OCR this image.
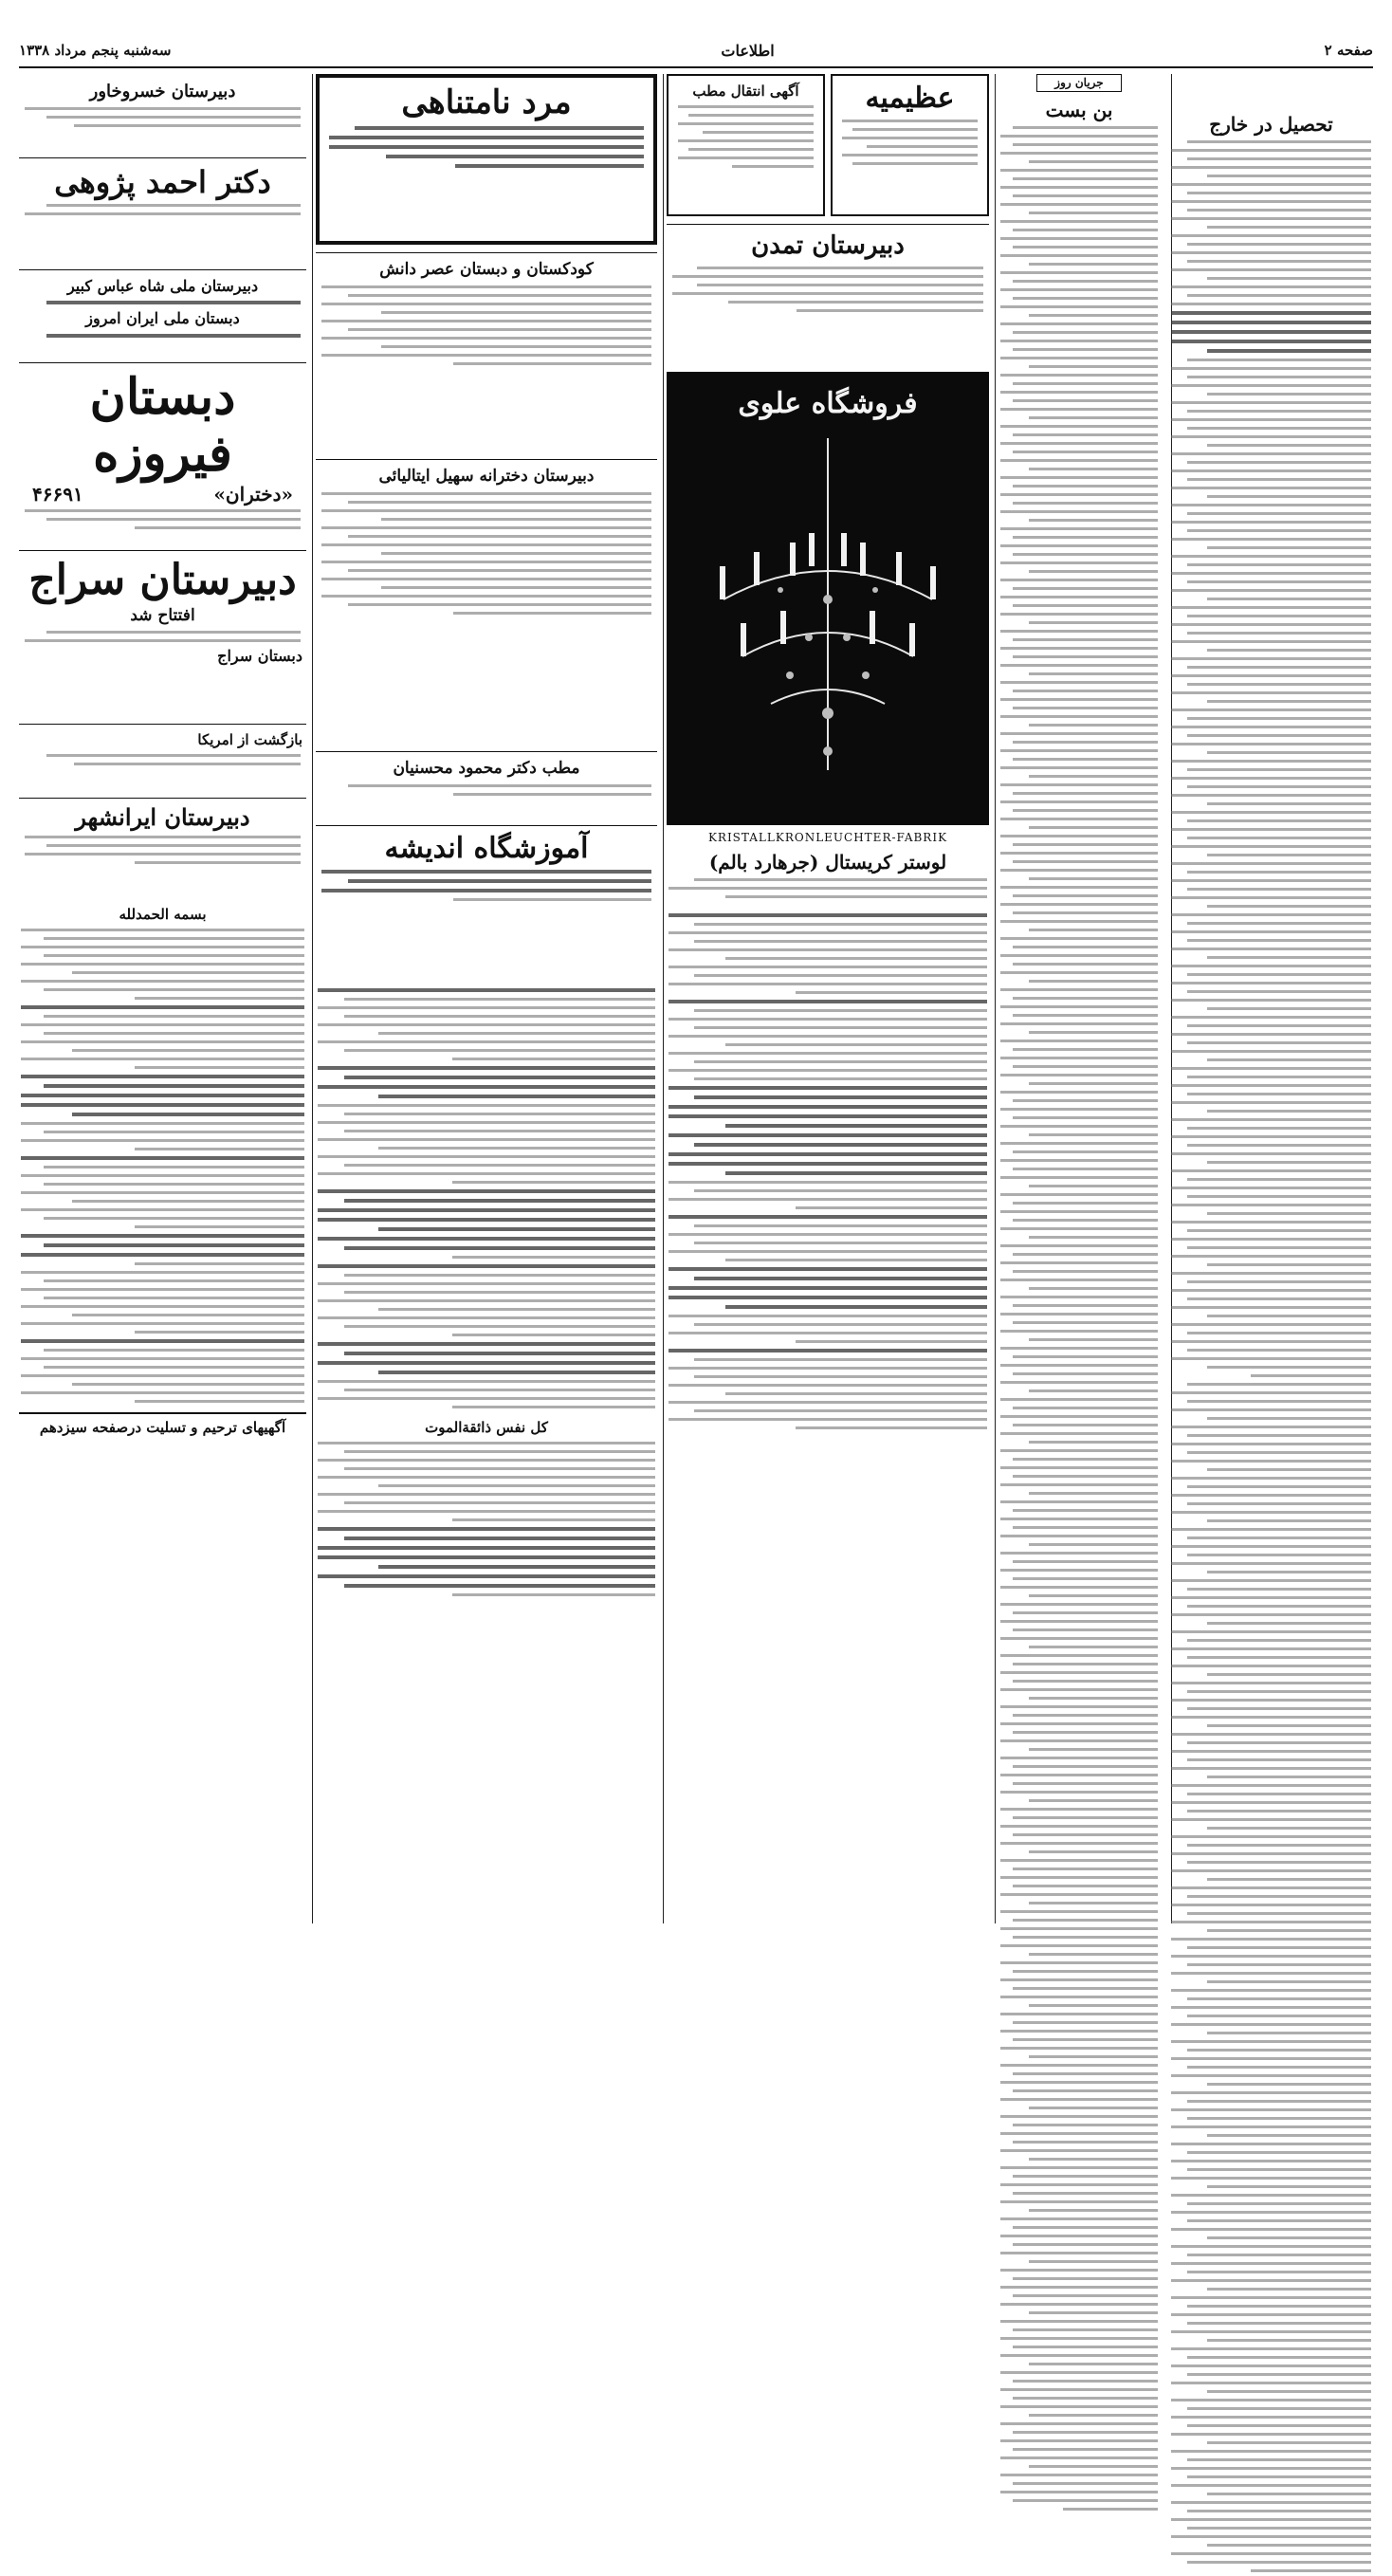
صفحه ۲
اطلاعات
سه‌شنبه پنجم مرداد ۱۳۳۸
تحصیل در خارج
جریان روز
بن بست
عظیمیه
آگهی انتقال مطب
دبیرستان تمدن
فروشگاه علوی
KRISTALLKRONLEUCHTER-FABRIK
لوستر کریستال (جرهارد بالم)
مرد نامتناهی
کودکستان و دبستان عصر دانش
دبیرستان دخترانه سهیل ایتالیائی
مطب دکتر محمود محسنیان
آموزشگاه اندیشه
کل نفس ذائقةالموت
دبیرستان خسروخاور
دکتر احمد پژوهی
دبیرستان ملی شاه عباس کبیر
دبستان ملی ایران امروز
دبستان فیروزه
«دختران»
۴۶۶۹۱
دبیرستان سراج
افتتاح شد
دبستان سراج
بازگشت از امریکا
دبیرستان ایرانشهر
بسمه الحمدلله
آگهیهای ترحیم و تسلیت درصفحه سیزدهم
